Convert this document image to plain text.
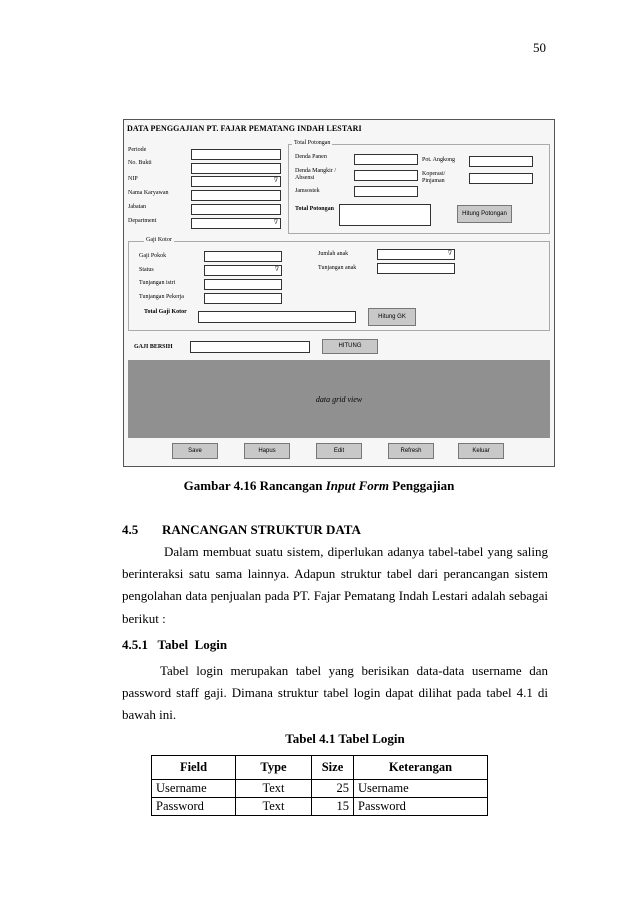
50
DATA PENGGAJIAN PT. FAJAR PEMATANG INDAH LESTARI
Periode
No. Bukti
NIP	∇
Nama Karyawan
Jabatan
Department	∇
Total Potongan
Denda Panen
Denda Mangkir / Absensi
Jamsostek
Pot. Angkong
Koperasi/ Pinjaman
Total Potongan
Hitung Potongan
Gaji Kotor
Gaji Pokok
Status	∇
Tunjangan istri
Tunjangan Pekerja
Jumlah anak	∇
Tunjangan anak
Total Gaji Kotor
Hitung GK
GAJI BERSIH	HITUNG
data grid view
Save	Hapus	Edit	Refresh	Keluar
Gambar 4.16 Rancangan Input Form Penggajian
4.5 RANCANGAN STRUKTUR DATA
Dalam membuat suatu sistem, diperlukan adanya tabel-tabel yang saling berinteraksi satu sama lainnya. Adapun struktur tabel dari perancangan sistem pengolahan data penjualan pada PT. Fajar Pematang Indah Lestari adalah sebagai berikut :
4.5.1   Tabel  Login
Tabel login merupakan tabel yang berisikan data-data username dan password staff gaji. Dimana struktur tabel login dapat dilihat pada tabel 4.1 di bawah ini.
Tabel 4.1 Tabel Login
Field	Type	Size	Keterangan
Username	Text	25	Username
Password	Text	15	Password
